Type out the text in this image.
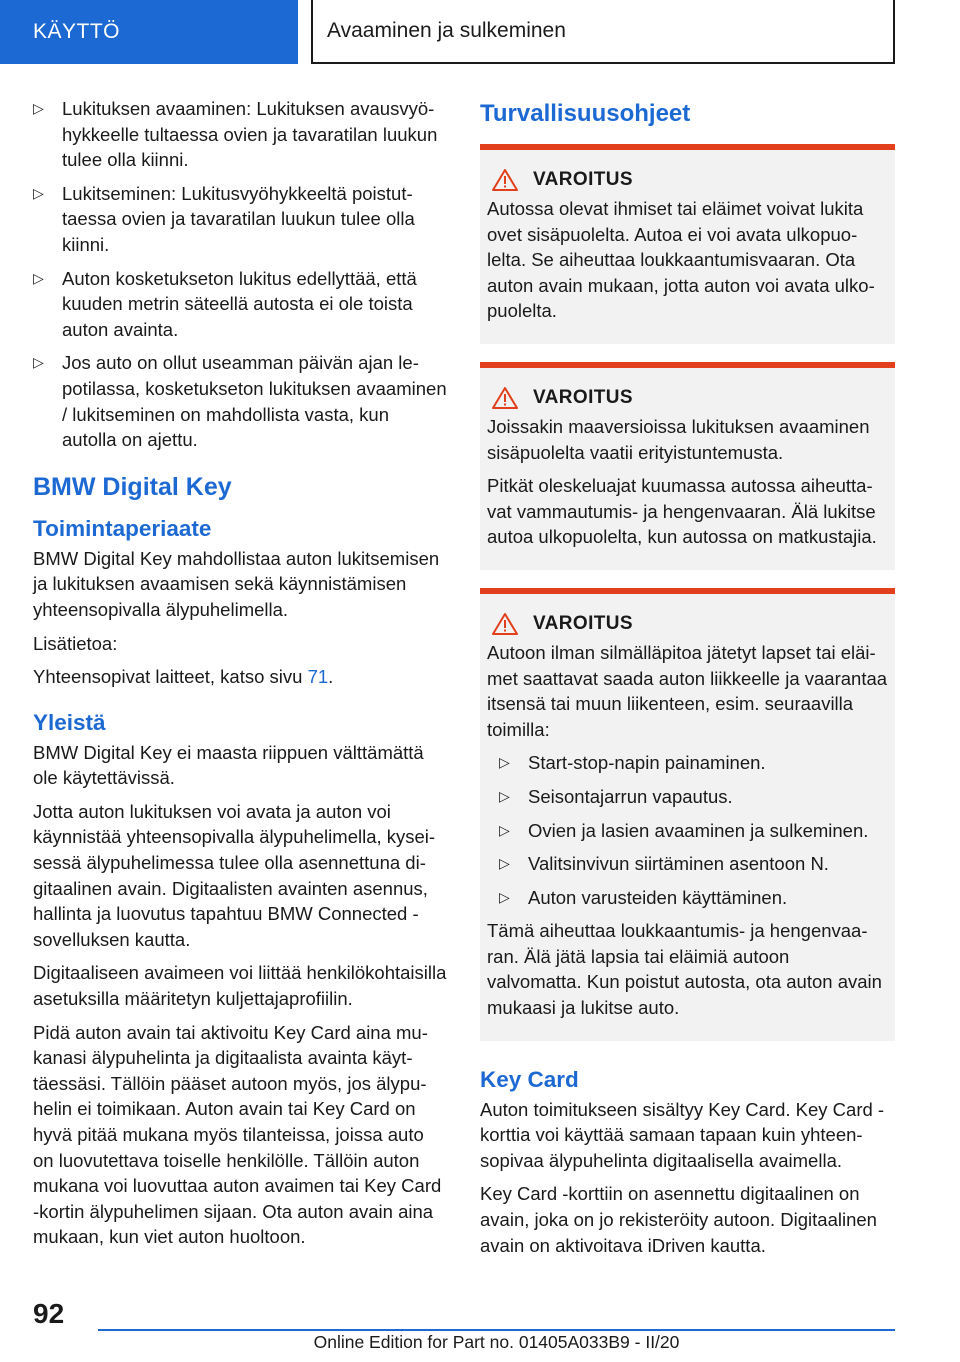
KÄYTTÖ	Avaaminen ja sulkeminen
▷ Lukituksen avaaminen: Lukituksen avausvyöhykkeelle tultaessa ovien ja tavaratilan luukun tulee olla kiinni.
▷ Lukitseminen: Lukitusvyöhykkeeltä poistuttaessa ovien ja tavaratilan luukun tulee olla kiinni.
▷ Auton kosketukseton lukitus edellyttää, että kuuden metrin säteellä autosta ei ole toista auton avainta.
▷ Jos auto on ollut useamman päivän ajan lepotilassa, kosketukseton lukituksen avaaminen / lukitseminen on mahdollista vasta, kun autolla on ajettu.
BMW Digital Key
Toimintaperiaate

BMW Digital Key mahdollistaa auton lukitsemisen ja lukituksen avaamisen sekä käynnistämisen yhteensopivalla älypuhelimella.

Lisätietoa:

Yhteensopivat laitteet, katso sivu 71.

Yleistä

BMW Digital Key ei maasta riippuen välttämättä ole käytettävissä.

Jotta auton lukituksen voi avata ja auton voi käynnistää yhteensopivalla älypuhelimella, kyseisessä älypuhelimessa tulee olla asennettuna digitaalinen avain. Digitaalisten avainten asennus, hallinta ja luovutus tapahtuu BMW Connected -sovelluksen kautta.

Digitaaliseen avaimeen voi liittää henkilökohtaisilla asetuksilla määritetyn kuljettajaprofiilin.

Pidä auton avain tai aktivoitu Key Card aina mukanasi älypuhelinta ja digitaalista avainta käyttäessäsi. Tällöin pääset autoon myös, jos älypuhelin ei toimikaan. Auton avain tai Key Card on hyvä pitää mukana myös tilanteissa, joissa auto on luovutettava toiselle henkilölle. Tällöin auton mukana voi luovuttaa auton avaimen tai Key Card -kortin älypuhelimen sijaan. Ota auton avain aina mukaan, kun viet auton huoltoon.

Turvallisuusohjeet
VAROITUS

Autossa olevat ihmiset tai eläimet voivat lukita ovet sisäpuolelta. Autoa ei voi avata ulkopuolelta. Se aiheuttaa loukkaantumisvaaran. Ota auton avain mukaan, jotta auton voi avata ulkopuolelta.

VAROITUS

Joissakin maaversioissa lukituksen avaaminen sisäpuolelta vaatii erityistuntemusta.

Pitkät oleskeluajat kuumassa autossa aiheuttavat vammautumis- ja hengenvaaran. Älä lukitse autoa ulkopuolelta, kun autossa on matkustajia.

VAROITUS

Autoon ilman silmälläpitoa jätetyt lapset tai eläimet saattavat saada auton liikkeelle ja vaarantaa itsensä tai muun liikenteen, esim. seuraavilla toimilla:

▷ Start-stop-napin painaminen.
▷ Seisontajarrun vapautus.
▷ Ovien ja lasien avaaminen ja sulkeminen.
▷ Valitsinvivun siirtäminen asentoon N.
▷ Auton varusteiden käyttäminen.

Tämä aiheuttaa loukkaantumis- ja hengenvaaran. Älä jätä lapsia tai eläimiä autoon valvomatta. Kun poistut autosta, ota auton avain mukaasi ja lukitse auto.

Key Card

Auton toimitukseen sisältyy Key Card. Key Card -korttia voi käyttää samaan tapaan kuin yhteensopivaa älypuhelinta digitaalisella avaimella.

Key Card -korttiin on asennettu digitaalinen on avain, joka on jo rekisteröity autoon. Digitaalinen avain on aktivoitava iDriven kautta.

92
Online Edition for Part no. 01405A033B9 - II/20
